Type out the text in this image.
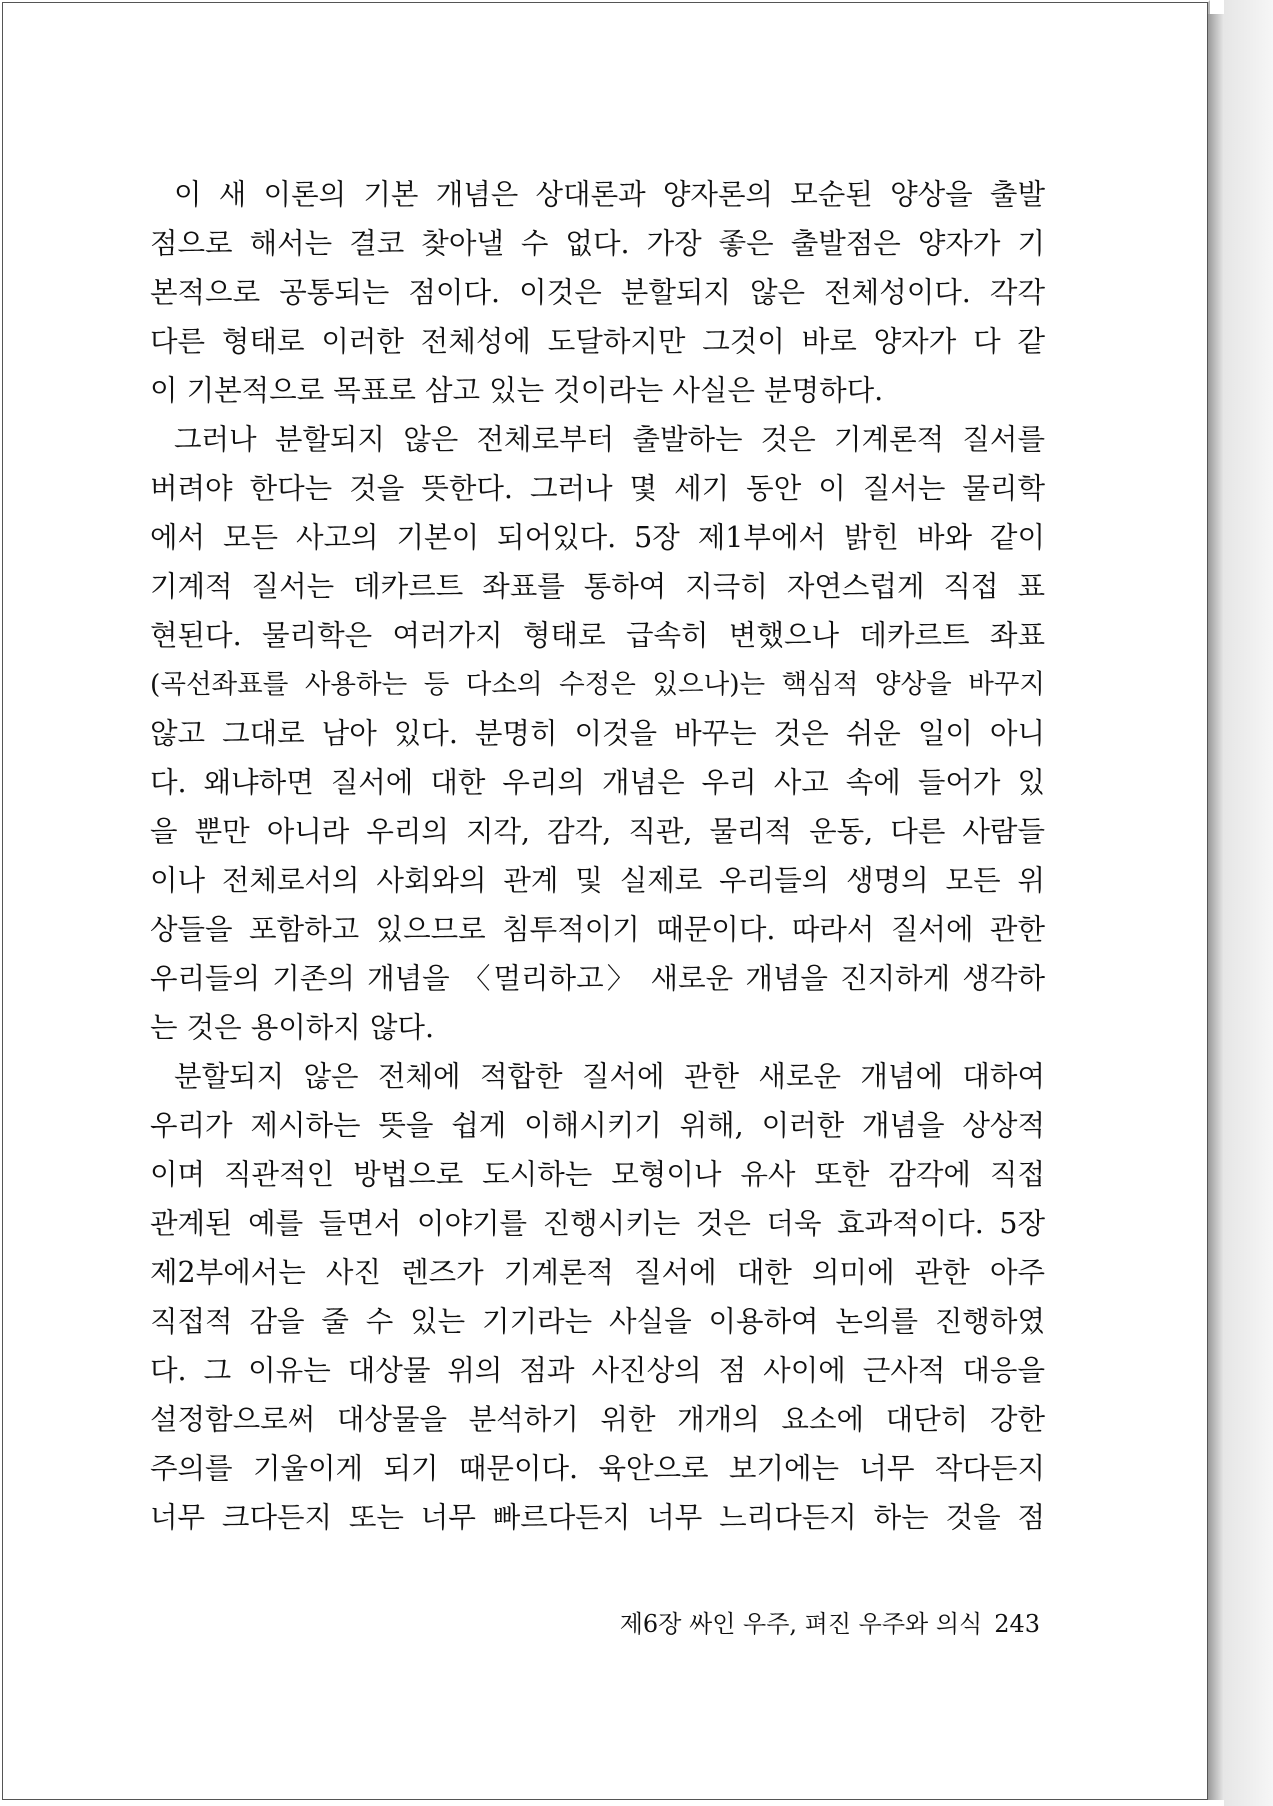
이 새 이론의 기본 개념은 상대론과 양자론의 모순된 양상을 출발
점으로 해서는 결코 찾아낼 수 없다. 가장 좋은 출발점은 양자가 기
본적으로 공통되는 점이다. 이것은 분할되지 않은 전체성이다. 각각
다른 형태로 이러한 전체성에 도달하지만 그것이 바로 양자가 다 같
이 기본적으로 목표로 삼고 있는 것이라는 사실은 분명하다.
그러나 분할되지 않은 전체로부터 출발하는 것은 기계론적 질서를
버려야 한다는 것을 뜻한다. 그러나 몇 세기 동안 이 질서는 물리학
에서 모든 사고의 기본이 되어있다. 5장 제1부에서 밝힌 바와 같이
기계적 질서는 데카르트 좌표를 통하여 지극히 자연스럽게 직접 표
현된다. 물리학은 여러가지 형태로 급속히 변했으나 데카르트 좌표
(곡선좌표를 사용하는 등 다소의 수정은 있으나)는 핵심적 양상을 바꾸지
않고 그대로 남아 있다. 분명히 이것을 바꾸는 것은 쉬운 일이 아니
다. 왜냐하면 질서에 대한 우리의 개념은 우리 사고 속에 들어가 있
을 뿐만 아니라 우리의 지각, 감각, 직관, 물리적 운동, 다른 사람들
이나 전체로서의 사회와의 관계 및 실제로 우리들의 생명의 모든 위
상들을 포함하고 있으므로 침투적이기 때문이다. 따라서 질서에 관한
우리들의 기존의 개념을 〈멀리하고〉 새로운 개념을 진지하게 생각하
는 것은 용이하지 않다.
분할되지 않은 전체에 적합한 질서에 관한 새로운 개념에 대하여
우리가 제시하는 뜻을 쉽게 이해시키기 위해, 이러한 개념을 상상적
이며 직관적인 방법으로 도시하는 모형이나 유사 또한 감각에 직접
관계된 예를 들면서 이야기를 진행시키는 것은 더욱 효과적이다. 5장
제2부에서는 사진 렌즈가 기계론적 질서에 대한 의미에 관한 아주
직접적 감을 줄 수 있는 기기라는 사실을 이용하여 논의를 진행하였
다. 그 이유는 대상물 위의 점과 사진상의 점 사이에 근사적 대응을
설정함으로써 대상물을 분석하기 위한 개개의 요소에 대단히 강한
주의를 기울이게 되기 때문이다. 육안으로 보기에는 너무 작다든지
너무 크다든지 또는 너무 빠르다든지 너무 느리다든지 하는 것을 점
제6장 싸인 우주, 펴진 우주와 의식 243
